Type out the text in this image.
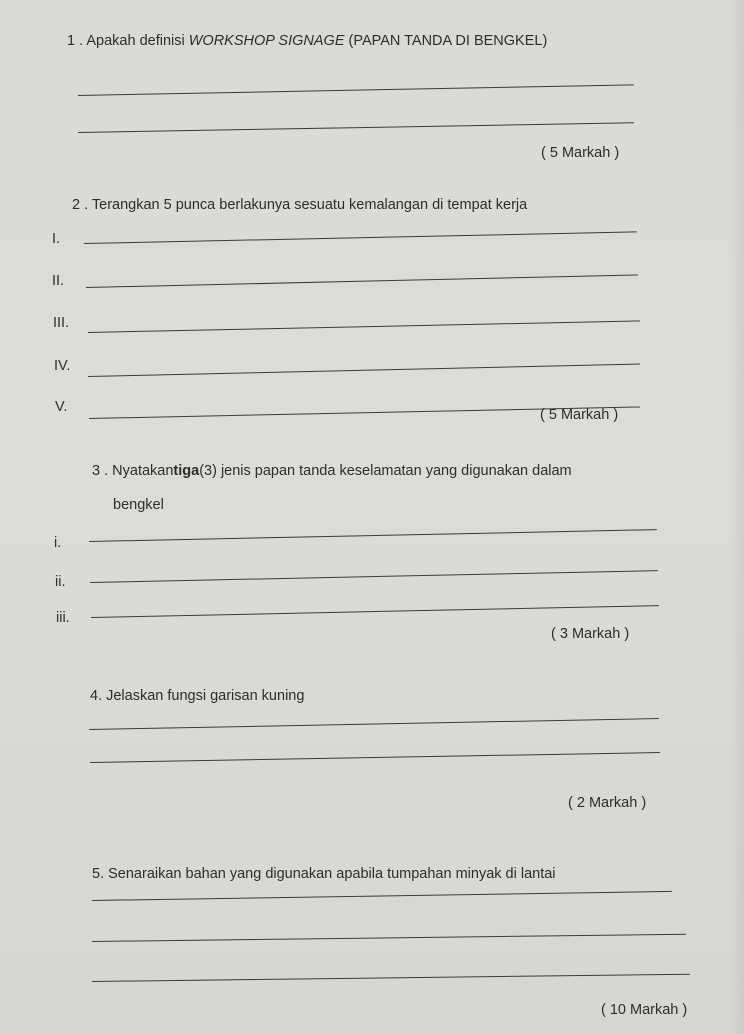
1 . Apakah definisi WORKSHOP SIGNAGE (PAPAN TANDA DI BENGKEL)
( 5 Markah )
2 . Terangkan 5 punca berlakunya sesuatu kemalangan di tempat kerja
I.
II.
III.
IV.
V.	( 5 Markah )
3 . Nyatakantiga(3) jenis papan tanda keselamatan yang digunakan dalam
bengkel
i.
ii.
iii.
( 3 Markah )
4. Jelaskan fungsi garisan kuning
( 2 Markah )
5. Senaraikan bahan yang digunakan apabila tumpahan minyak di lantai
( 10 Markah )
